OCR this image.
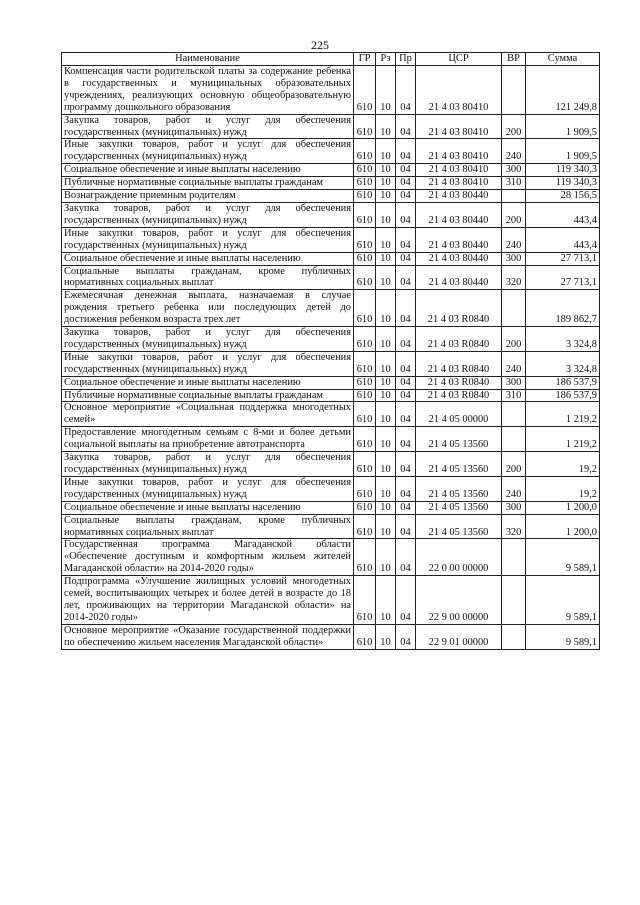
225
Наименование	ГР	Рз	Пр	ЦСР	ВР	Сумма
Компенсация части родительской платы за содержание ребенка в государственных и муниципальных образовательных учреждениях, реализующих основную общеобразовательную программу дошкольного образования	610	10	04	21 4 03 80410		121 249,8
Закупка товаров, работ и услуг для обеспечения государственных (муниципальных) нужд	610	10	04	21 4 03 80410	200	1 909,5
Иные закупки товаров, работ и услуг для обеспечения государственных (муниципальных) нужд	610	10	04	21 4 03 80410	240	1 909,5
Социальное обеспечение и иные выплаты населению	610	10	04	21 4 03 80410	300	119 340,3
Публичные нормативные социальные выплаты гражданам	610	10	04	21 4 03 80410	310	119 340,3
Вознаграждение приемным родителям	610	10	04	21 4 03 80440		28 156,5
Закупка товаров, работ и услуг для обеспечения государственных (муниципальных) нужд	610	10	04	21 4 03 80440	200	443,4
Иные закупки товаров, работ и услуг для обеспечения государственных (муниципальных) нужд	610	10	04	21 4 03 80440	240	443,4
Социальное обеспечение и иные выплаты населению	610	10	04	21 4 03 80440	300	27 713,1
Социальные выплаты гражданам, кроме публичных нормативных социальных выплат	610	10	04	21 4 03 80440	320	27 713,1
Ежемесячная денежная выплата, назначаемая в случае рождения третьего ребенка или последующих детей до достижения ребенком возраста трех лет	610	10	04	21 4 03 R0840		189 862,7
Закупка товаров, работ и услуг для обеспечения государственных (муниципальных) нужд	610	10	04	21 4 03 R0840	200	3 324,8
Иные закупки товаров, работ и услуг для обеспечения государственных (муниципальных) нужд	610	10	04	21 4 03 R0840	240	3 324,8
Социальное обеспечение и иные выплаты населению	610	10	04	21 4 03 R0840	300	186 537,9
Публичные нормативные социальные выплаты гражданам	610	10	04	21 4 03 R0840	310	186 537,9
Основное мероприятие «Социальная поддержка многодетных семей»	610	10	04	21 4 05 00000		1 219,2
Предоставление многодетным семьям с 8-ми и более детьми социальной выплаты на приобретение автотранспорта	610	10	04	21 4 05 13560		1 219,2
Закупка товаров, работ и услуг для обеспечения государственных (муниципальных) нужд	610	10	04	21 4 05 13560	200	19,2
Иные закупки товаров, работ и услуг для обеспечения государственных (муниципальных) нужд	610	10	04	21 4 05 13560	240	19,2
Социальное обеспечение и иные выплаты населению	610	10	04	21 4 05 13560	300	1 200,0
Социальные выплаты гражданам, кроме публичных нормативных социальных выплат	610	10	04	21 4 05 13560	320	1 200,0
Государственная программа Магаданской области «Обеспечение доступным и комфортным жильем жителей Магаданской области» на 2014-2020 годы»	610	10	04	22 0 00 00000		9 589,1
Подпрограмма «Улучшение жилищных условий многодетных семей, воспитывающих четырех и более детей в возрасте до 18 лет, проживающих на территории Магаданской области» на 2014-2020 годы»	610	10	04	22 9 00 00000		9 589,1
Основное мероприятие «Оказание государственной поддержки по обеспечению жильем населения Магаданской области»	610	10	04	22 9 01 00000		9 589,1
